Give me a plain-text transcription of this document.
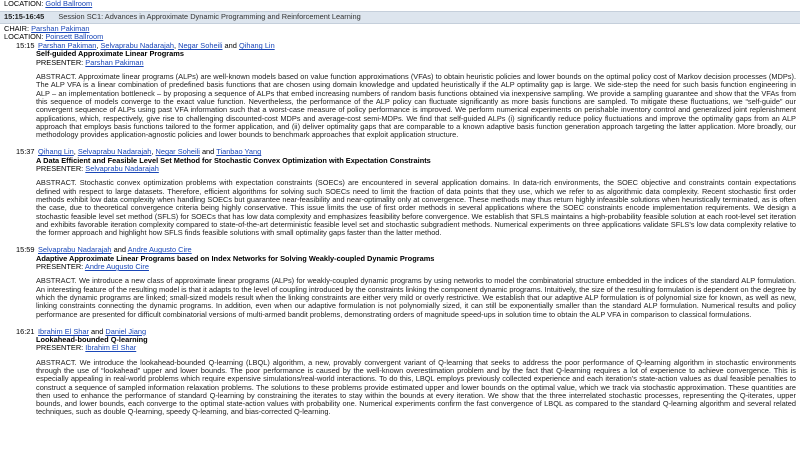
LOCATION: Gold Ballroom
15:15-16:45 Session SC1: Advances in Approximate Dynamic Programming and Reinforcement Learning
CHAIR: Parshan Pakiman
LOCATION: Poinsett Ballroom
15:15 Parshan Pakiman, Selvaprabu Nadarajah, Negar Soheili and Qihang Lin
Self-guided Approximate Linear Programs
PRESENTER: Parshan Pakiman
ABSTRACT. Approximate linear programs (ALPs) are well-known models based on value function approximations (VFAs) to obtain heuristic policies and lower bounds on the optimal policy cost of Markov decision processes (MDPs). The ALP VFA is a linear combination of predefined basis functions that are chosen using domain knowledge and updated heuristically if the ALP optimality gap is large. We side-step the need for such basis function engineering in ALP – an implementation bottleneck – by proposing a sequence of ALPs that embed increasing numbers of random basis functions obtained via inexpensive sampling. We provide a sampling guarantee and show that the VFAs from this sequence of models converge to the exact value function. Nevertheless, the performance of the ALP policy can fluctuate significantly as more basis functions are sampled. To mitigate these fluctuations, we “self-guide” our convergent sequence of ALPs using past VFA information such that a worst-case measure of policy performance is improved. We perform numerical experiments on perishable inventory control and generalized joint replenishment applications, which, respectively, give rise to challenging discounted-cost MDPs and average-cost semi-MDPs. We find that self-guided ALPs (i) significantly reduce policy fluctuations and improve the optimality gaps from an ALP approach that employs basis functions tailored to the former application, and (ii) deliver optimality gaps that are comparable to a known adaptive basis function generation approach targeting the latter application. More broadly, our methodology provides application-agnostic policies and lower bounds to benchmark approaches that exploit application structure.
15:37 Qihang Lin, Selvaprabu Nadarajah, Negar Soheili and Tianbao Yang
A Data Efficient and Feasible Level Set Method for Stochastic Convex Optimization with Expectation Constraints
PRESENTER: Selvaprabu Nadarajah
ABSTRACT. Stochastic convex optimization problems with expectation constraints (SOECs) are encountered in several application domains. In data-rich environments, the SOEC objective and constraints contain expectations defined with respect to large datasets. Therefore, efficient algorithms for solving such SOECs need to limit the fraction of data points that they use, which we refer to as algorithmic data complexity. Recent stochastic first order methods exhibit low data complexity when handling SOECs but guarantee near-feasibility and near-optimality only at convergence. These methods may thus return highly infeasible solutions when heuristically terminated, as is often the case, due to theoretical convergence criteria being highly conservative. This issue limits the use of first order methods in several applications where the SOEC constraints encode implementation requirements. We design a stochastic feasible level set method (SFLS) for SOECs that has low data complexity and emphasizes feasibility before convergence. We establish that SFLS maintains a high-probability feasible solution at each root-level set iteration and exhibits favorable iteration complexity compared to state-of-the-art deterministic feasible level set and stochastic subgradient methods. Numerical experiments on three applications validate SFLS’s low data complexity relative to the former approach and highlight how SFLS finds feasible solutions with small optimality gaps faster than the latter method.
15:59 Selvaprabu Nadarajah and Andre Augusto Cire
Adaptive Approximate Linear Programs based on Index Networks for Solving Weakly-coupled Dynamic Programs
PRESENTER: Andre Augusto Cire
ABSTRACT. We introduce a new class of approximate linear programs (ALPs) for weakly-coupled dynamic programs by using networks to model the combinatorial structure embedded in the indices of the standard ALP formulation. An interesting feature of the resulting model is that it adapts to the level of coupling introduced by the constraints linking the component dynamic programs. Intuitively, the size of the resulting formulation is dependent on the degree by which the dynamic programs are linked; small-sized models result when the linking constraints are either very mild or overly restrictive. We establish that our adaptive ALP formulation is of polynomial size for known, as well as new, linking constraints connecting the dynamic programs. In addition, even when our adaptive formulation is not polynomially sized, it can still be exponentially smaller than the standard ALP formulation. Numerical results and policy performance are presented for difficult combinatorial versions of multi-armed bandit problems, demonstrating orders of magnitude speed-ups in solution time to obtain the ALP VFA in comparison to classical formulations.
16:21 Ibrahim El Shar and Daniel Jiang
Lookahead-bounded Q-learning
PRESENTER: Ibrahim El Shar
ABSTRACT. We introduce the lookahead-bounded Q-learning (LBQL) algorithm, a new, provably convergent variant of Q-learning that seeks to address the poor performance of Q-learning algorithm in stochastic environments through the use of “lookahead” upper and lower bounds. The poor performance is caused by the well-known overestimation problem and by the fact that Q-learning requires a lot of experience to achieve convergence. This is especially appealing in real-world problems which require expensive simulations/real-world interactions. To do this, LBQL employs previously collected experience and each iteration’s state-action values as dual feasible penalties to construct a sequence of sampled information relaxation problems. The solutions to these problems provide estimated upper and lower bounds on the optimal value, which we track via stochastic approximation. These quantities are then used to enhance the performance of standard Q-learning by constraining the iterates to stay within the bounds at every iteration. We show that the three interrelated stochastic processes, representing the Q-iterates, upper bounds, and lower bounds, each converge to the optimal state-action values with probability one. Numerical experiments confirm the fast convergence of LBQL as compared to the standard Q-learning algorithm and several related techniques, such as double Q-learning, speedy Q-learning, and bias-corrected Q-learning.
